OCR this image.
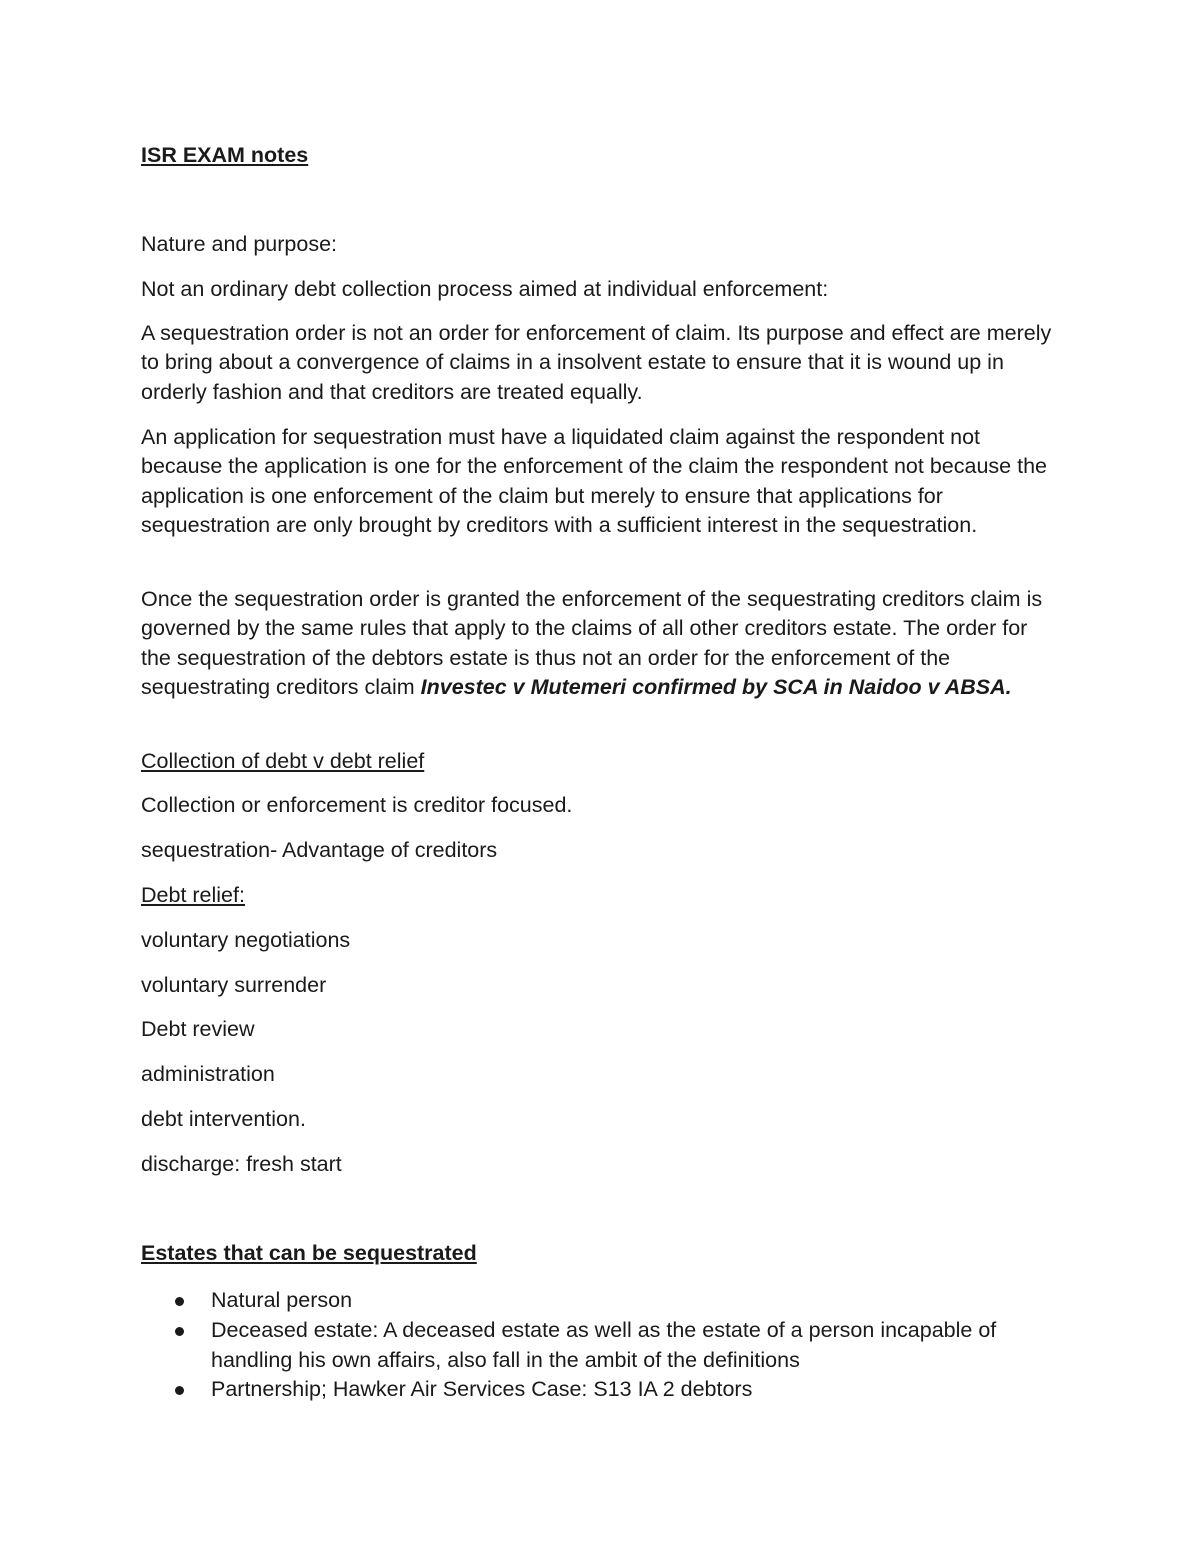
ISR EXAM notes

Nature and purpose:

Not an ordinary debt collection process aimed at individual enforcement:

A sequestration order is not an order for enforcement of claim. Its purpose and effect are merely to bring about a convergence of claims in a insolvent estate to ensure that it is wound up in orderly fashion and that creditors are treated equally.

An application for sequestration must have a liquidated claim against the respondent not because the application is one for the enforcement of the claim the respondent not because the application is one enforcement of the claim but merely to ensure that applications for sequestration are only brought by creditors with a sufficient interest in the sequestration.

Once the sequestration order is granted the enforcement of the sequestrating creditors claim is governed by the same rules that apply to the claims of all other creditors estate. The order for the sequestration of the debtors estate is thus not an order for the enforcement of the sequestrating creditors claim Investec v Mutemeri confirmed by SCA in Naidoo v ABSA.

Collection of debt v debt relief

Collection or enforcement is creditor focused.

sequestration- Advantage of creditors

Debt relief:

voluntary negotiations

voluntary surrender

Debt review

administration

debt intervention.

discharge: fresh start

Estates that can be sequestrated

Natural person
Deceased estate: A deceased estate as well as the estate of a person incapable of handling his own affairs, also fall in the ambit of the definitions
Partnership; Hawker Air Services Case: S13 IA 2 debtors
